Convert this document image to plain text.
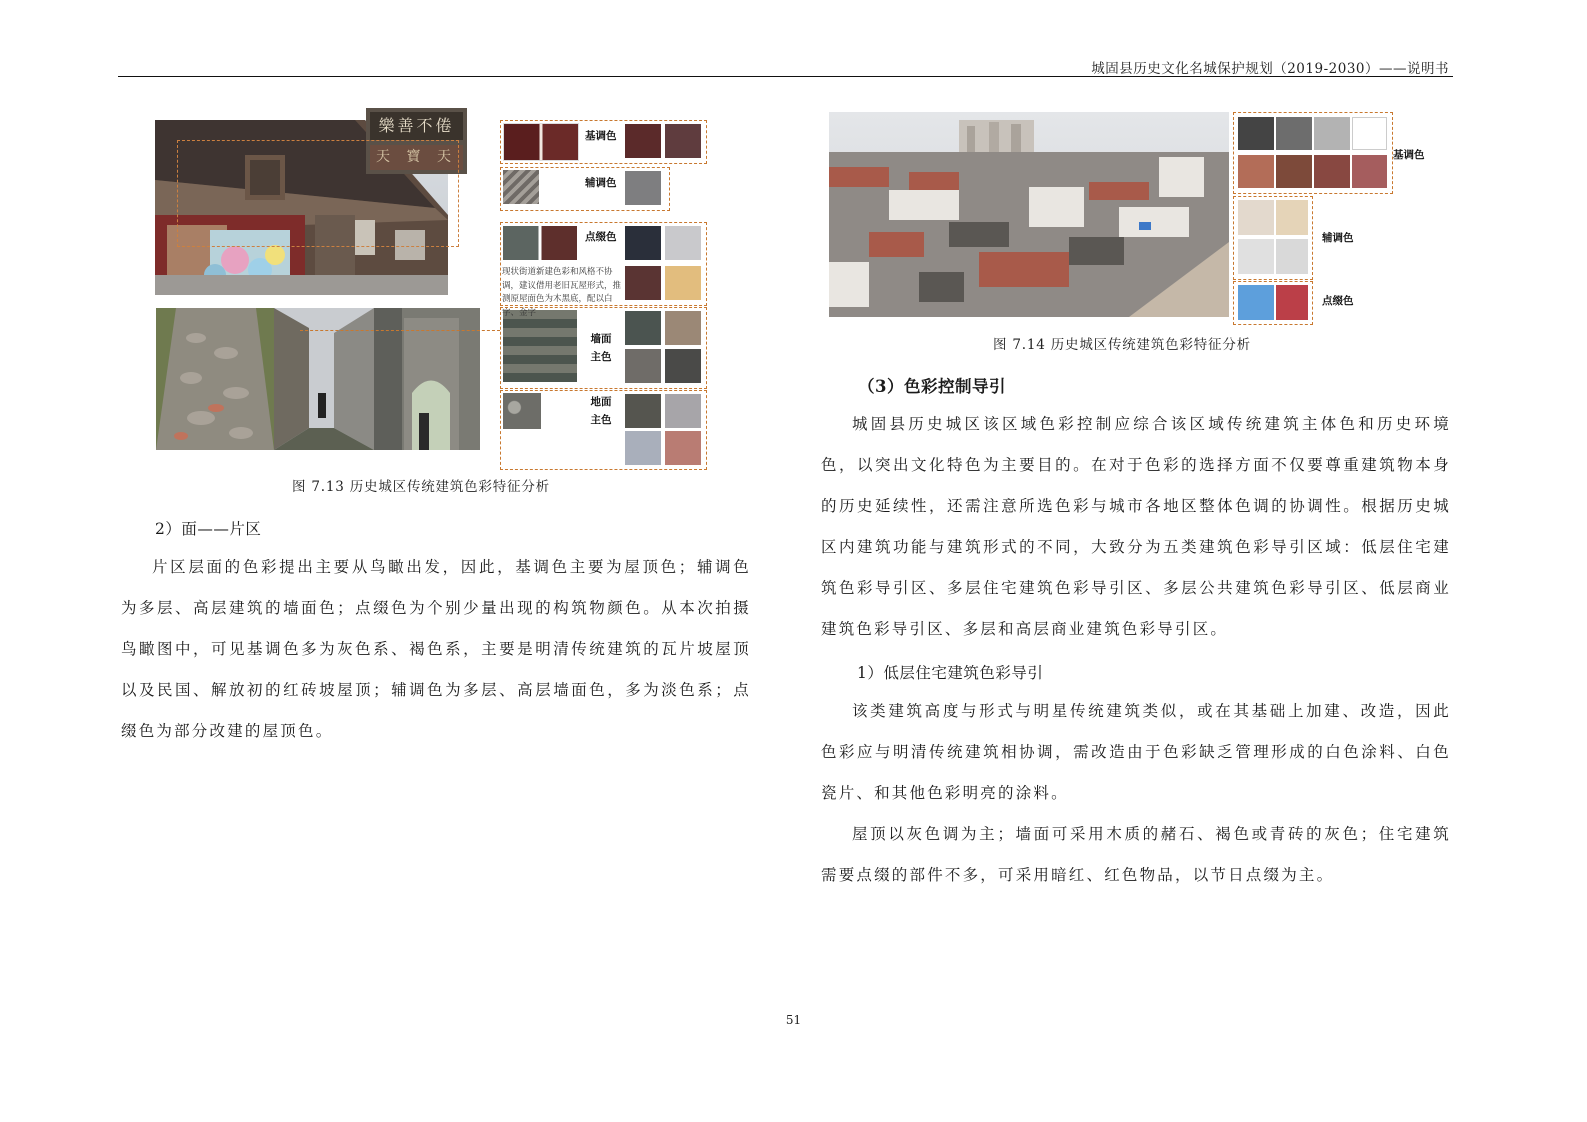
城固县历史文化名城保护规划（2019-2030）——说明书
樂善不倦
天 寶 天
基调色
辅调色
点缀色
墙面主色
地面主色
现状街道新建色彩和风格不协调，建议借用老旧瓦屋形式，推测原屋面色为木黑底，配以白字、金字
图 7.13 历史城区传统建筑色彩特征分析
基调色
辅调色
点缀色
图 7.14 历史城区传统建筑色彩特征分析
2）面——片区

片区层面的色彩提出主要从鸟瞰出发，因此，基调色主要为屋顶色；辅调色为多层、高层建筑的墙面色；点缀色为个别少量出现的构筑物颜色。从本次拍摄鸟瞰图中，可见基调色多为灰色系、褐色系，主要是明清传统建筑的瓦片坡屋顶以及民国、解放初的红砖坡屋顶；辅调色为多层、高层墙面色，多为淡色系；点缀色为部分改建的屋顶色。

（3）色彩控制导引

城固县历史城区该区域色彩控制应综合该区域传统建筑主体色和历史环境色，以突出文化特色为主要目的。在对于色彩的选择方面不仅要尊重建筑物本身的历史延续性，还需注意所选色彩与城市各地区整体色调的协调性。根据历史城区内建筑功能与建筑形式的不同，大致分为五类建筑色彩导引区域：低层住宅建筑色彩导引区、多层住宅建筑色彩导引区、多层公共建筑色彩导引区、低层商业建筑色彩导引区、多层和高层商业建筑色彩导引区。

1）低层住宅建筑色彩导引

该类建筑高度与形式与明星传统建筑类似，或在其基础上加建、改造，因此色彩应与明清传统建筑相协调，需改造由于色彩缺乏管理形成的白色涂料、白色瓷片、和其他色彩明亮的涂料。

屋顶以灰色调为主；墙面可采用木质的赭石、褐色或青砖的灰色；住宅建筑需要点缀的部件不多，可采用暗红、红色物品，以节日点缀为主。

51
